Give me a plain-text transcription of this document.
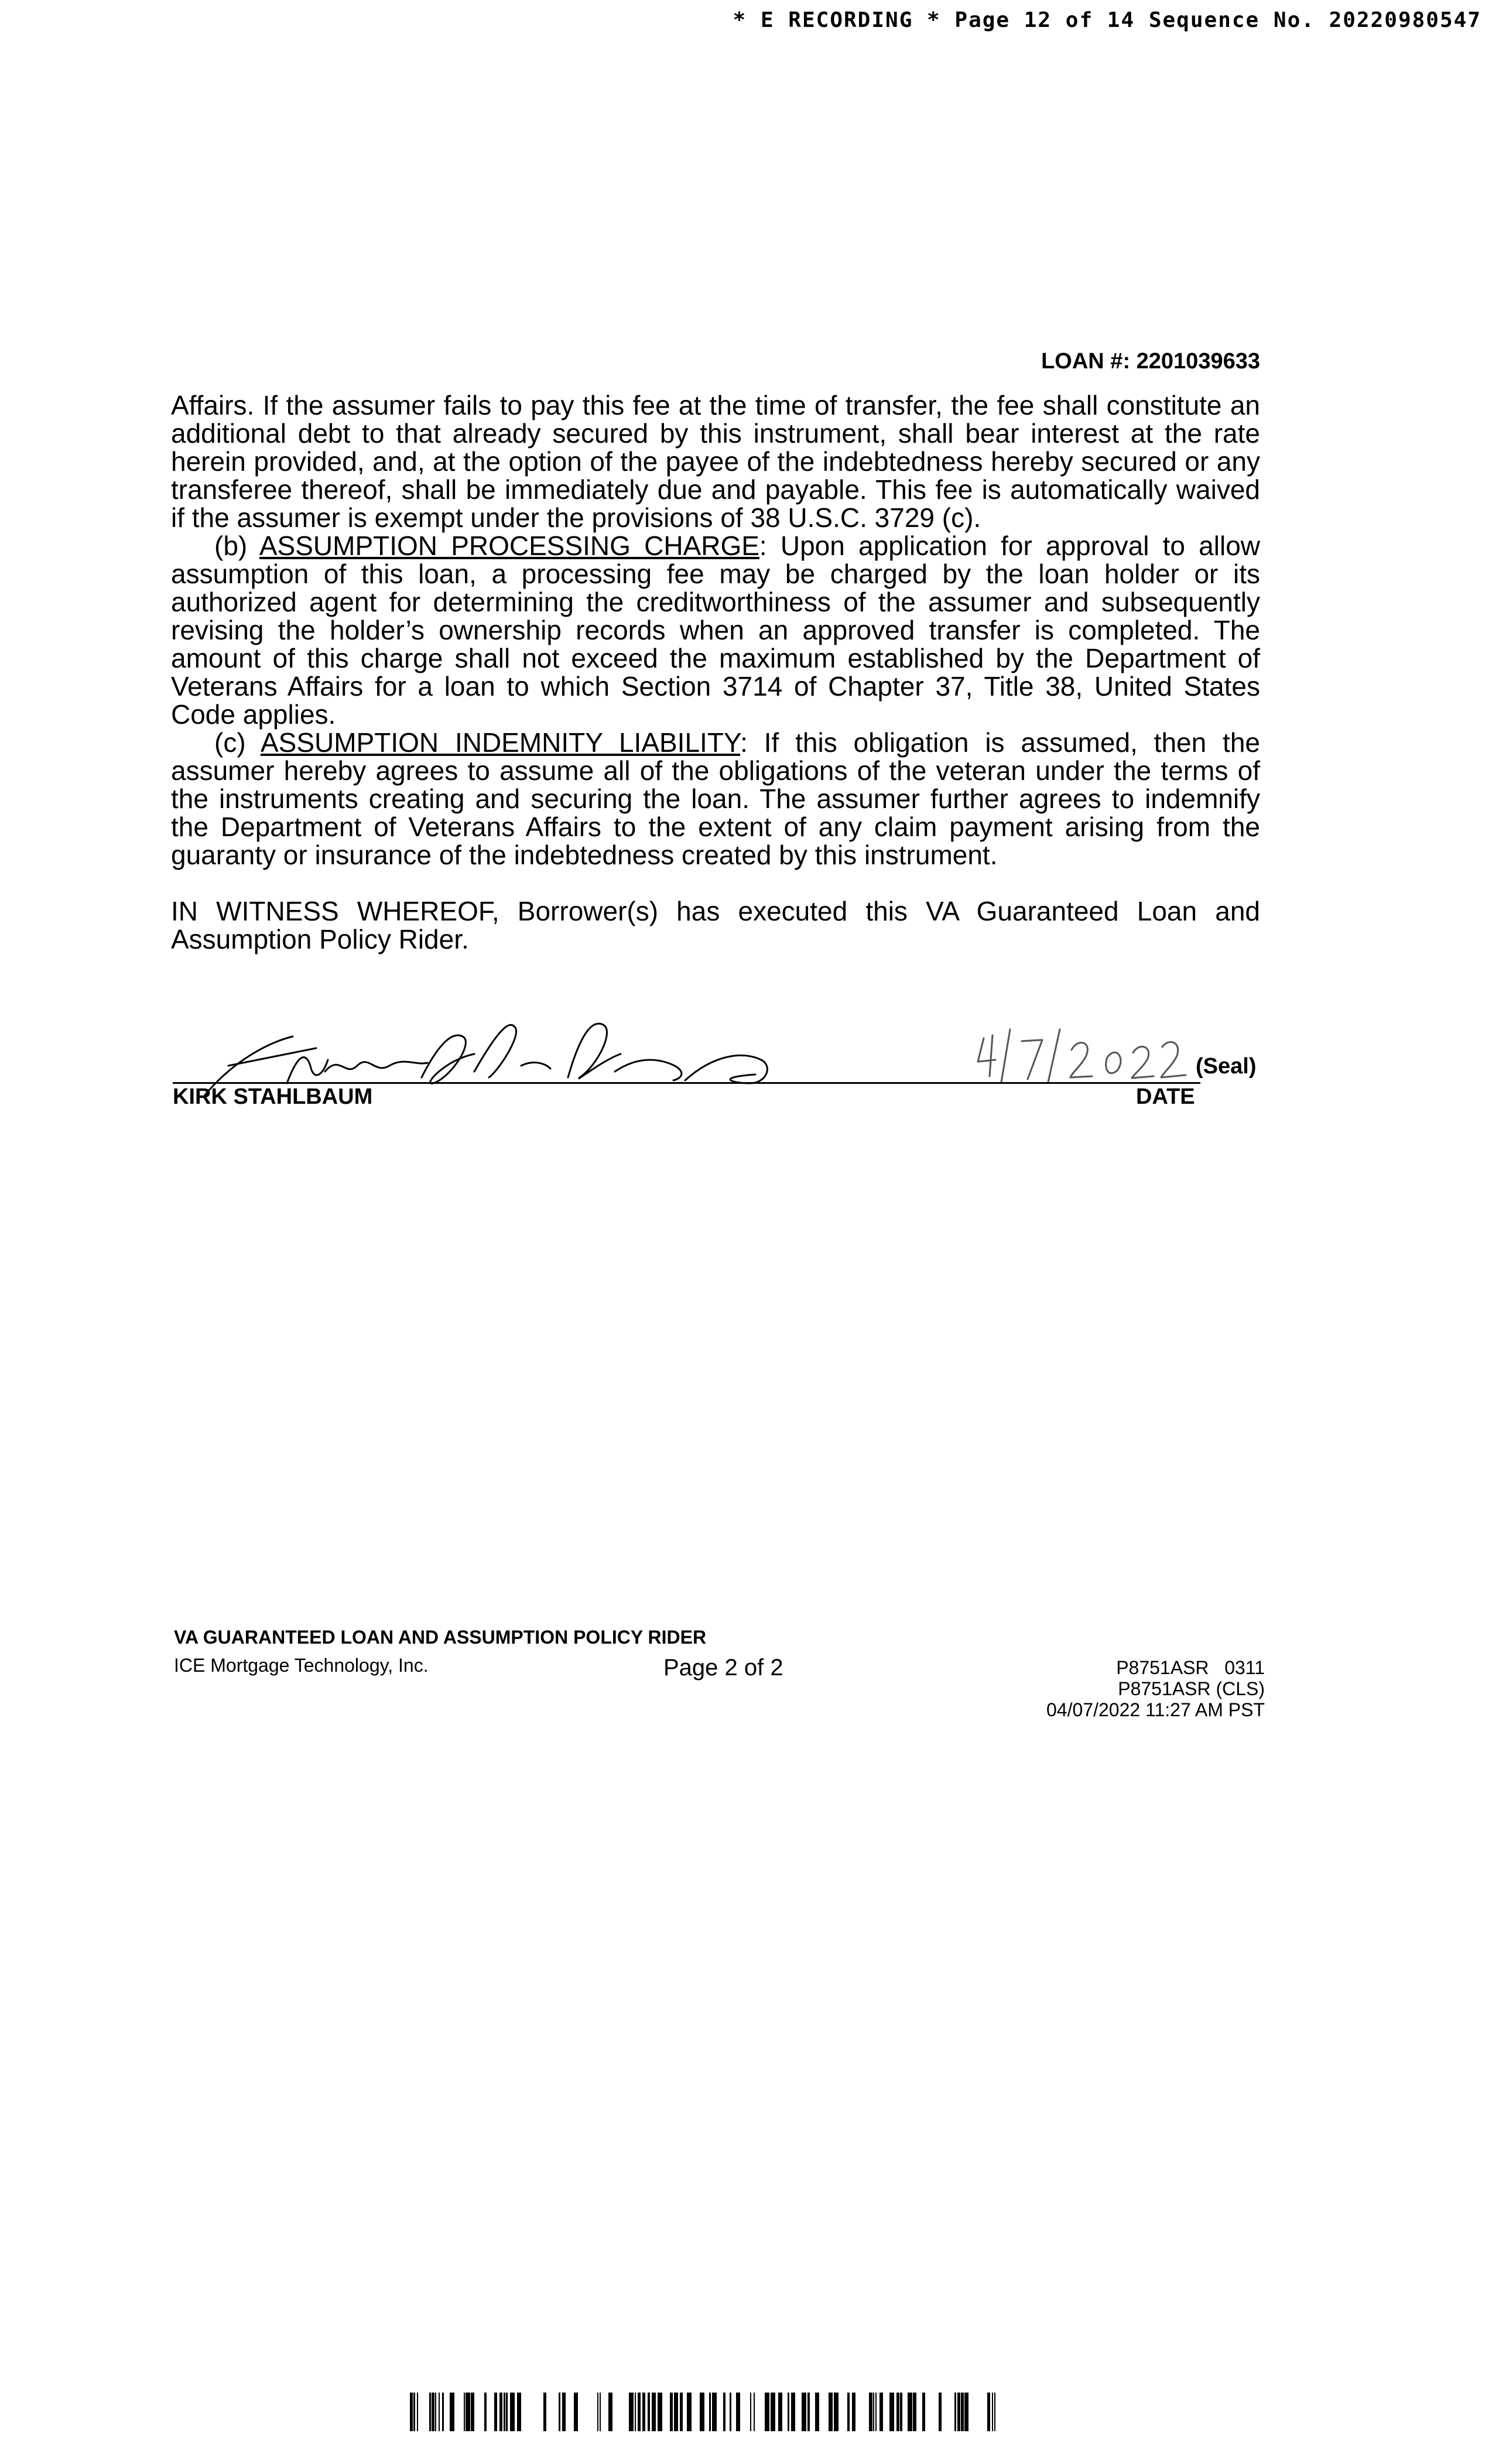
* E RECORDING * Page 12 of 14 Sequence No. 20220980547
LOAN #: 2201039633

Affairs. If the assumer fails to pay this fee at the time of transfer, the fee shall constitute an additional debt to that already secured by this instrument, shall bear interest at the rate herein provided, and, at the option of the payee of the indebtedness hereby secured or any transferee thereof, shall be immediately due and payable. This fee is automatically waived if the assumer is exempt under the provisions of 38 U.S.C. 3729 (c).

(b) ASSUMPTION PROCESSING CHARGE: Upon application for approval to allow assumption of this loan, a processing fee may be charged by the loan holder or its authorized agent for determining the creditworthiness of the assumer and subsequently revising the holder’s ownership records when an approved transfer is completed. The amount of this charge shall not exceed the maximum established by the Department of Veterans Affairs for a loan to which Section 3714 of Chapter 37, Title 38, United States Code applies.

(c) ASSUMPTION INDEMNITY LIABILITY: If this obligation is assumed, then the assumer hereby agrees to assume all of the obligations of the veteran under the terms of the instruments creating and securing the loan. The assumer further agrees to indemnify the Department of Veterans Affairs to the extent of any claim payment arising from the guaranty or insurance of the indebtedness created by this instrument.

IN WITNESS WHEREOF, Borrower(s) has executed this VA Guaranteed Loan and Assumption Policy Rider.

(Seal)
KIRK STAHLBAUM	DATE
VA GUARANTEED LOAN AND ASSUMPTION POLICY RIDER
ICE Mortgage Technology, Inc.	Page 2 of 2	P8751ASR   0311
P8751ASR (CLS)
04/07/2022 11:27 AM PST
